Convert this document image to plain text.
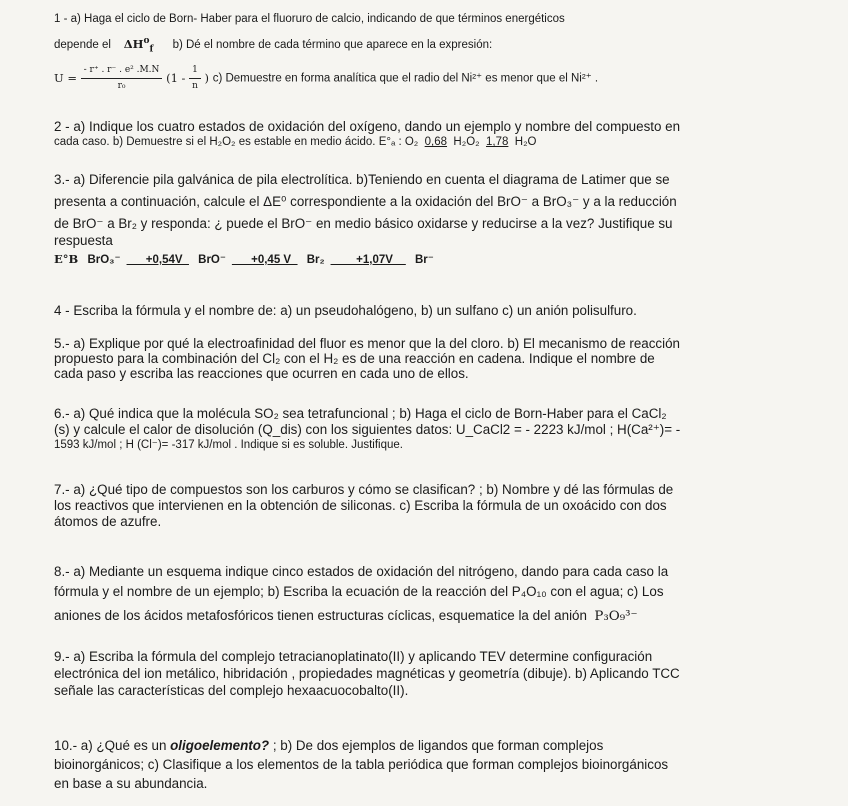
1 - a) Haga el ciclo de Born- Haber para el fluoruro de calcio, indicando de que términos energéticos

depende el $\Delta H^o_f$ b) Dé el nombre de cada término que aparece en la expresión:

$U = \frac{\text{- r⁺ . r⁻ . e² .M.N}}{\text{r₀}} (1 - \frac{1}{n}$ ) c) Demuestre en forma analítica que el radio del Ni²⁺ es menor que el Ni²⁺ .

2 - a) Indique los cuatro estados de oxidación del oxígeno, dando un ejemplo y nombre del compuesto en

cada caso. b) Demuestre si el H₂O₂ es estable en medio ácido. E°ₐ : O₂ 0,68 H₂O₂ 1,78 H₂O

3.- a) Diferencie pila galvánica de pila electrolítica. b)Teniendo en cuenta el diagrama de Latimer que se

presenta a continuación, calcule el ΔE⁰ correspondiente a la oxidación del BrO⁻ a BrO₃⁻ y a la reducción

de BrO⁻ a Br₂ y responda: ¿ puede el BrO⁻ en medio básico oxidarse y reducirse a la vez? Justifique su

respuesta

E°B BrO₃⁻ ___+0,54V_ BrO⁻ ___+0,45 V_ Br₂ ____+1,07V__ Br⁻

4 - Escriba la fórmula y el nombre de: a) un pseudohalógeno, b) un sulfano c) un anión polisulfuro.

5.- a) Explique por qué la electroafinidad del fluor es menor que la del cloro. b) El mecanismo de reacción

propuesto para la combinación del Cl₂ con el H₂ es de una reacción en cadena. Indique el nombre de

cada paso y escriba las reacciones que ocurren en cada uno de ellos.

6.- a) Qué indica que la molécula SO₂ sea tetrafuncional ; b) Haga el ciclo de Born-Haber para el CaCl₂

(s) y calcule el calor de disolución (Q_dis) con los siguientes datos: U_CaCl2 = - 2223 kJ/mol ; H(Ca²⁺)= -

1593 kJ/mol ; H (Cl⁻)= -317 kJ/mol . Indique si es soluble. Justifique.

7.- a) ¿Qué tipo de compuestos son los carburos y cómo se clasifican? ; b) Nombre y dé las fórmulas de

los reactivos que intervienen en la obtención de siliconas. c) Escriba la fórmula de un oxoácido con dos

átomos de azufre.

8.- a) Mediante un esquema indique cinco estados de oxidación del nitrógeno, dando para cada caso la

fórmula y el nombre de un ejemplo; b) Escriba la ecuación de la reacción del P₄O₁₀ con el agua; c) Los

aniones de los ácidos metafosfóricos tienen estructuras cíclicas, esquematice la del anión P₃O₉³⁻

9.- a) Escriba la fórmula del complejo tetracianoplatinato(II) y aplicando TEV determine configuración

electrónica del ion metálico, hibridación , propiedades magnéticas y geometría (dibuje). b) Aplicando TCC

señale las características del complejo hexaacuocobalto(II).

10.- a) ¿Qué es un oligoelemento? ; b) De dos ejemplos de ligandos que forman complejos

bioinorgánicos; c) Clasifique a los elementos de la tabla periódica que forman complejos bioinorgánicos

en base a su abundancia.
